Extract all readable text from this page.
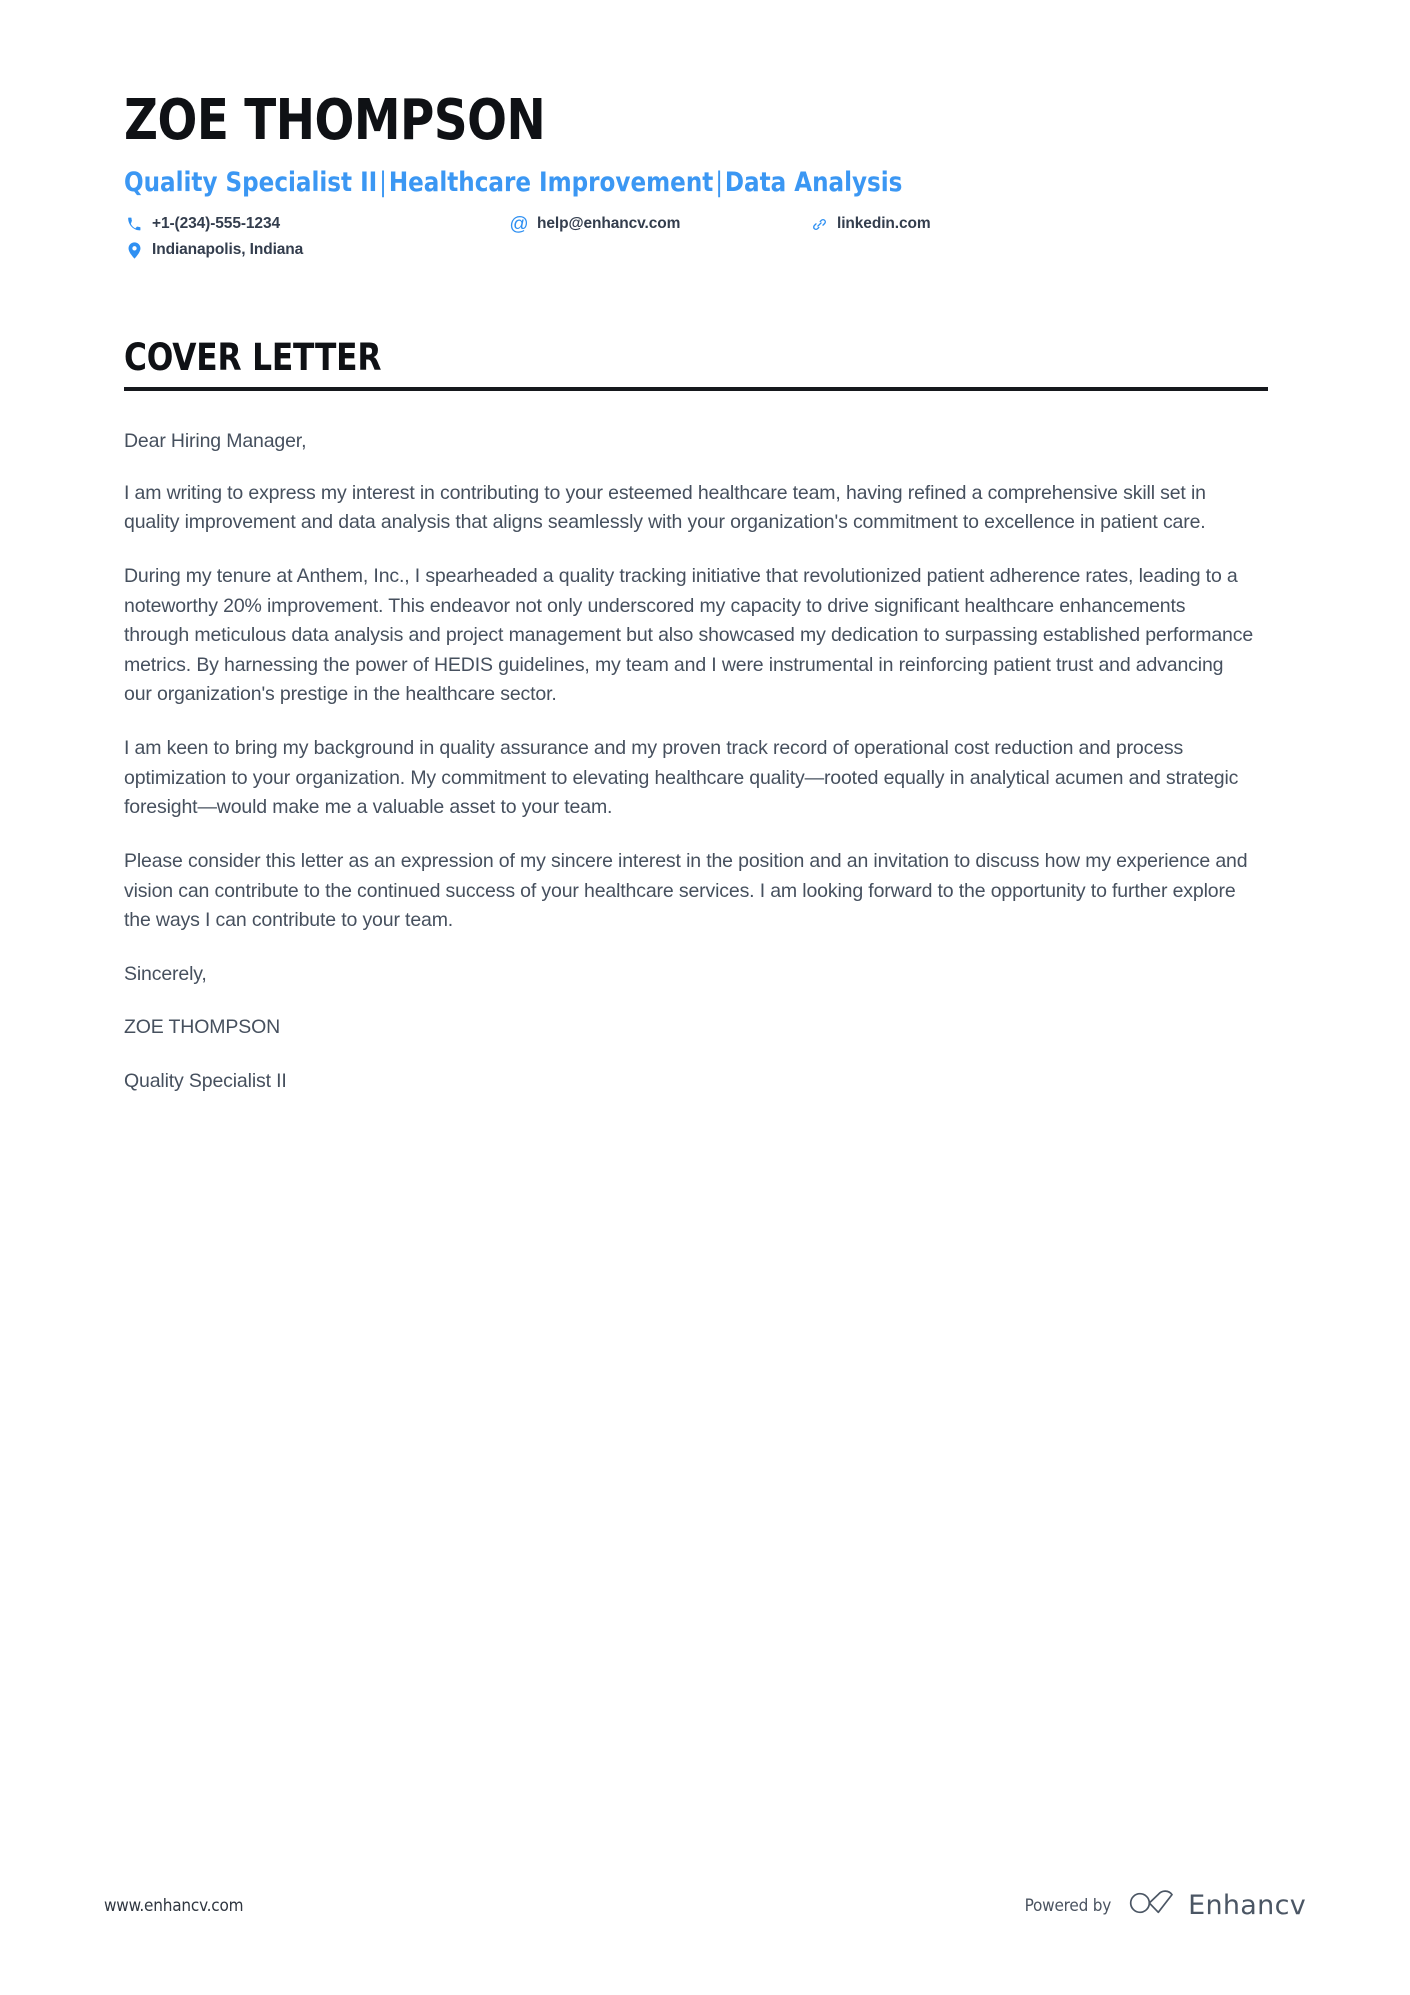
ZOE THOMPSON
Quality Specialist II|Healthcare Improvement|Data Analysis
+1-(234)-555-1234	@ help@enhancv.com	linkedin.com
Indianapolis, Indiana
COVER LETTER

Dear Hiring Manager,

I am writing to express my interest in contributing to your esteemed healthcare team, having refined a comprehensive skill set in quality improvement and data analysis that aligns seamlessly with your organization's commitment to excellence in patient care.

During my tenure at Anthem, Inc., I spearheaded a quality tracking initiative that revolutionized patient adherence rates, leading to a noteworthy 20% improvement. This endeavor not only underscored my capacity to drive significant healthcare enhancements through meticulous data analysis and project management but also showcased my dedication to surpassing established performance metrics. By harnessing the power of HEDIS guidelines, my team and I were instrumental in reinforcing patient trust and advancing our organization's prestige in the healthcare sector.

I am keen to bring my background in quality assurance and my proven track record of operational cost reduction and process optimization to your organization. My commitment to elevating healthcare quality—rooted equally in analytical acumen and strategic foresight—would make me a valuable asset to your team.

Please consider this letter as an expression of my sincere interest in the position and an invitation to discuss how my experience and vision can contribute to the continued success of your healthcare services. I am looking forward to the opportunity to further explore the ways I can contribute to your team.

Sincerely,

ZOE THOMPSON

Quality Specialist II

www.enhancv.com	Powered by	Enhancv
